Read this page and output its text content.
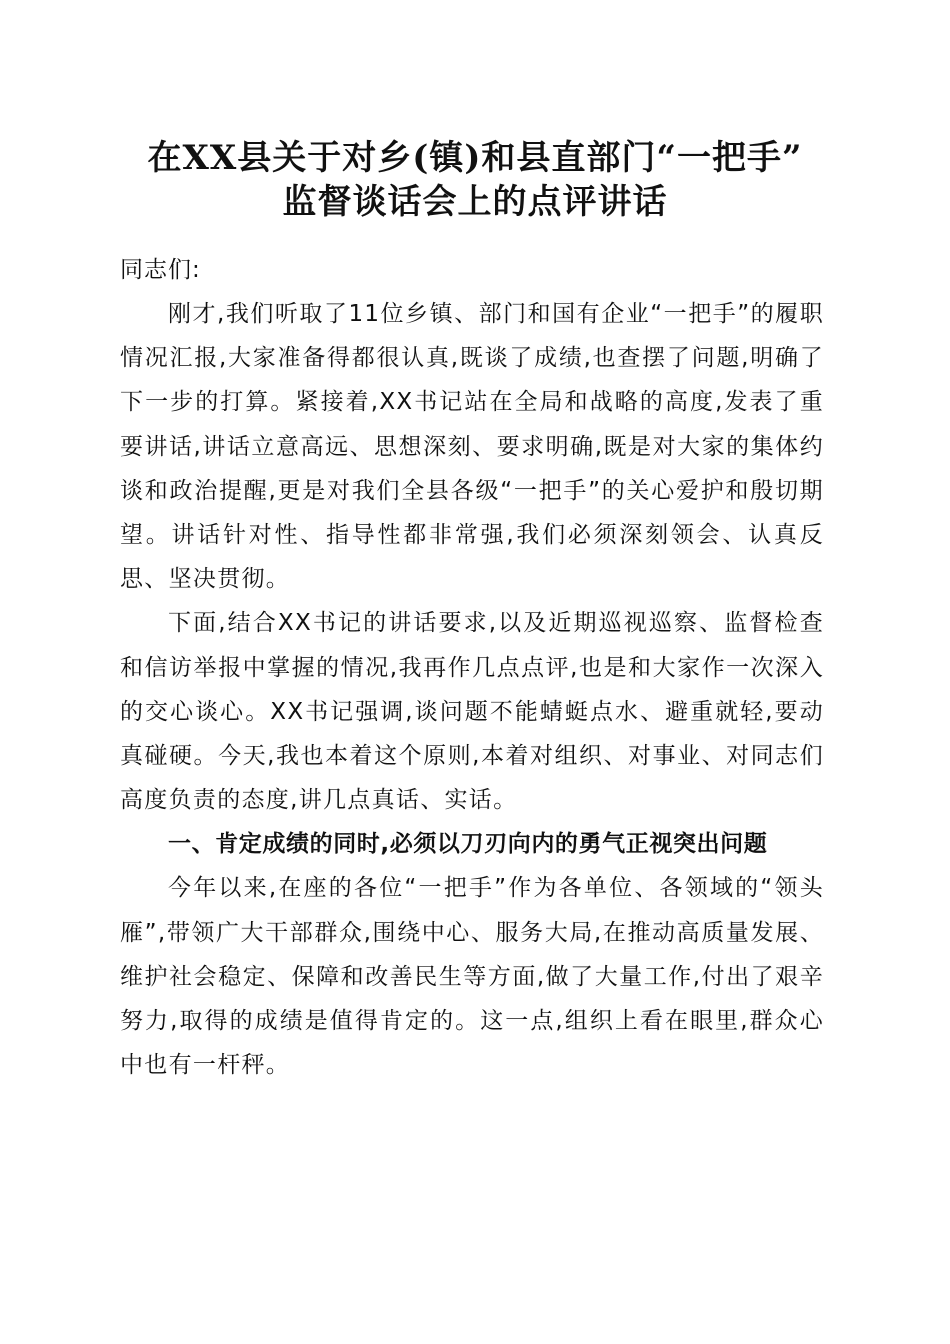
在XX县关于对乡(镇)和县直部门“一把手”
监督谈话会上的点评讲话

同志们:

刚才,我们听取了11位乡镇、部门和国有企业“一把手”的履职情况汇报,大家准备得都很认真,既谈了成绩,也查摆了问题,明确了下一步的打算。紧接着,XX书记站在全局和战略的高度,发表了重要讲话,讲话立意高远、思想深刻、要求明确,既是对大家的集体约谈和政治提醒,更是对我们全县各级“一把手”的关心爱护和殷切期望。讲话针对性、指导性都非常强,我们必须深刻领会、认真反思、坚决贯彻。

下面,结合XX书记的讲话要求,以及近期巡视巡察、监督检查和信访举报中掌握的情况,我再作几点点评,也是和大家作一次深入的交心谈心。XX书记强调,谈问题不能蜻蜓点水、避重就轻,要动真碰硬。今天,我也本着这个原则,本着对组织、对事业、对同志们高度负责的态度,讲几点真话、实话。

一、肯定成绩的同时,必须以刀刃向内的勇气正视突出问题

今年以来,在座的各位“一把手”作为各单位、各领域的“领头雁”,带领广大干部群众,围绕中心、服务大局,在推动高质量发展、维护社会稳定、保障和改善民生等方面,做了大量工作,付出了艰辛努力,取得的成绩是值得肯定的。这一点,组织上看在眼里,群众心中也有一杆秤。
